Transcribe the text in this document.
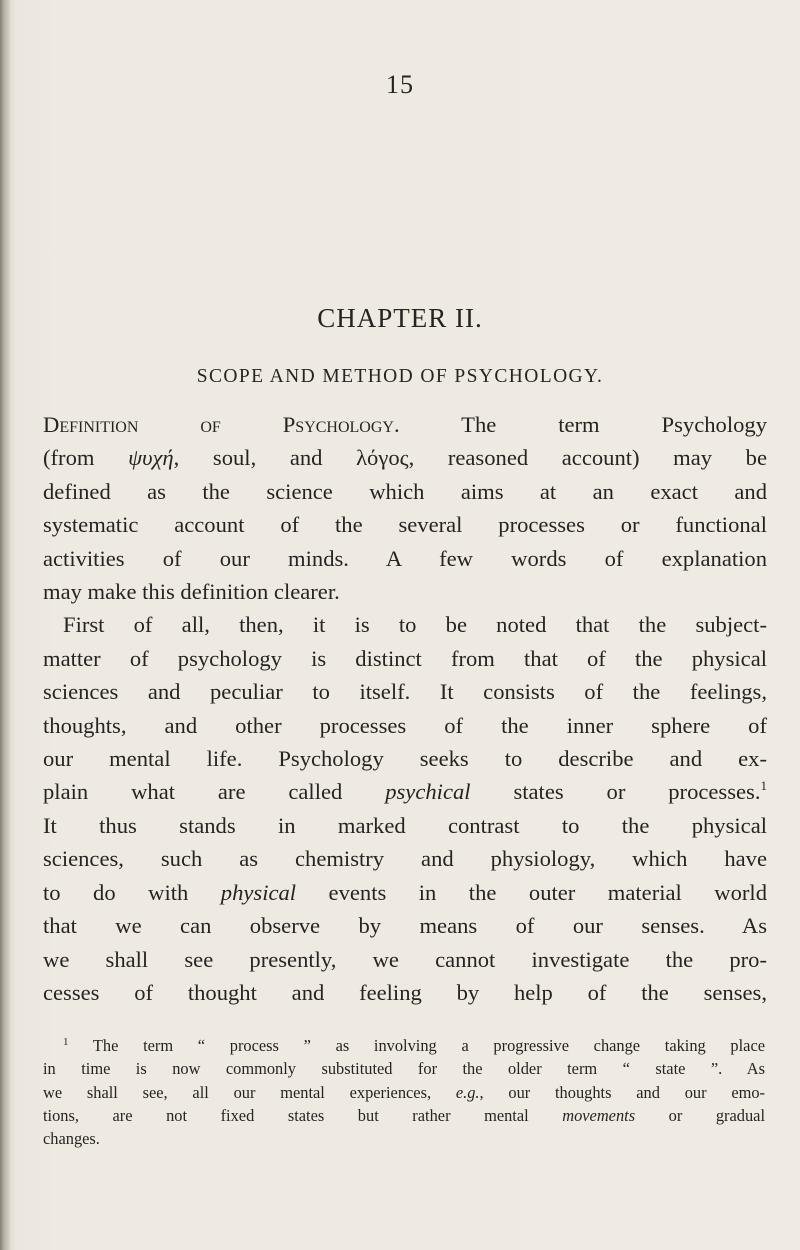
15
CHAPTER II.
SCOPE AND METHOD OF PSYCHOLOGY.
Definition of Psychology. The term Psychology
(from ψυχή, soul, and λόγος, reasoned account) may be
defined as the science which aims at an exact and
systematic account of the several processes or functional
activities of our minds. A few words of explanation
may make this definition clearer.
First of all, then, it is to be noted that the subject-
matter of psychology is distinct from that of the physical
sciences and peculiar to itself. It consists of the feelings,
thoughts, and other processes of the inner sphere of
our mental life. Psychology seeks to describe and ex-
plain what are called psychical states or processes.$^1$
It thus stands in marked contrast to the physical
sciences, such as chemistry and physiology, which have
to do with physical events in the outer material world
that we can observe by means of our senses. As
we shall see presently, we cannot investigate the pro-
cesses of thought and feeling by help of the senses,
$^1$ The term “ process ” as involving a progressive change taking place
in time is now commonly substituted for the older term “ state ”. As
we shall see, all our mental experiences, e.g., our thoughts and our emo-
tions, are not fixed states but rather mental movements or gradual
changes.
